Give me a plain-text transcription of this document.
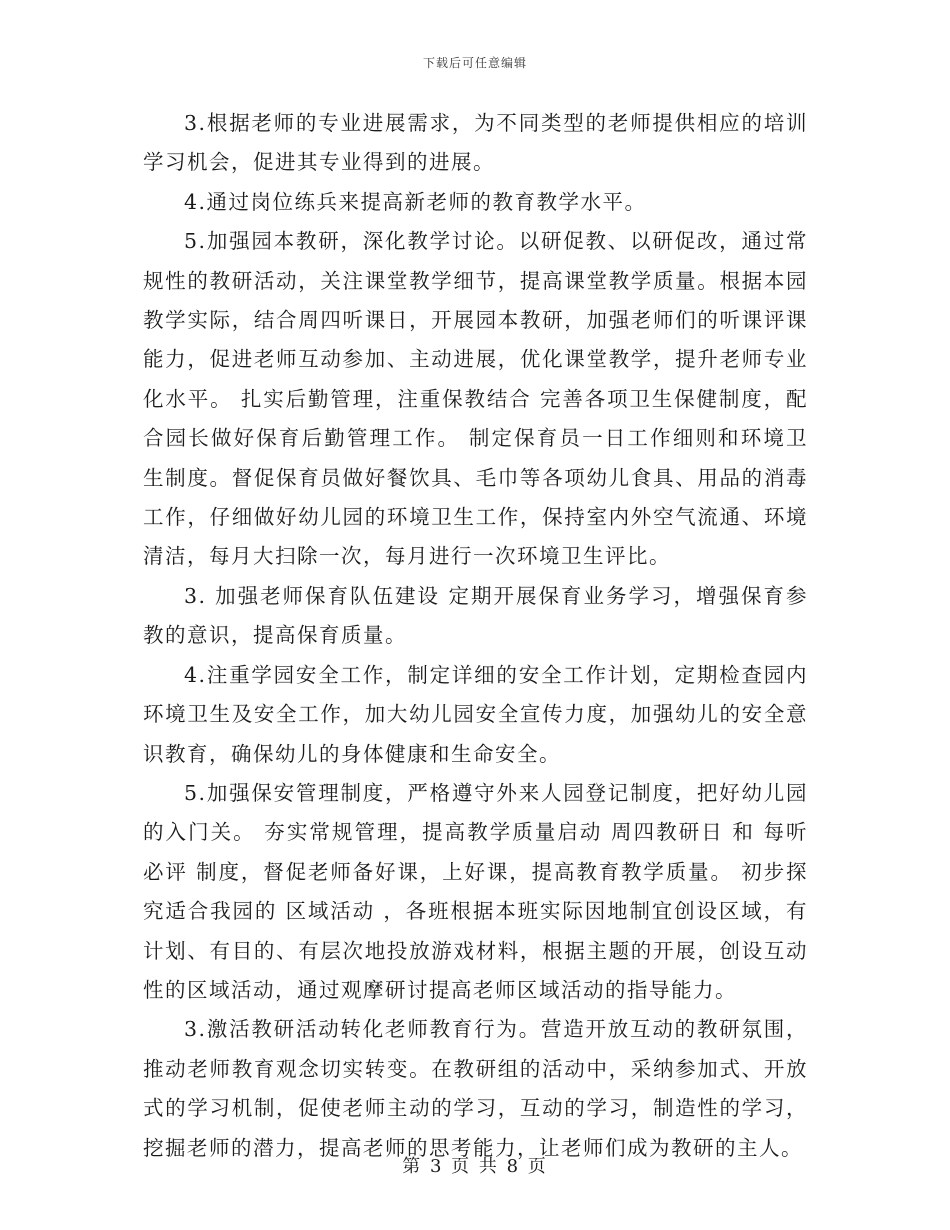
下载后可任意编辑

3.根据老师的专业进展需求，为不同类型的老师提供相应的培训学习机会，促进其专业得到的进展。

4.通过岗位练兵来提高新老师的教育教学水平。

5.加强园本教研，深化教学讨论。以研促教、以研促改，通过常规性的教研活动，关注课堂教学细节，提高课堂教学质量。根据本园教学实际，结合周四听课日，开展园本教研，加强老师们的听课评课能力，促进老师互动参加、主动进展，优化课堂教学，提升老师专业化水平。 扎实后勤管理，注重保教结合 完善各项卫生保健制度，配合园长做好保育后勤管理工作。 制定保育员一日工作细则和环境卫生制度。督促保育员做好餐饮具、毛巾等各项幼儿食具、用品的消毒工作，仔细做好幼儿园的环境卫生工作，保持室内外空气流通、环境清洁，每月大扫除一次，每月进行一次环境卫生评比。

3. 加强老师保育队伍建设 定期开展保育业务学习，增强保育参教的意识，提高保育质量。

4.注重学园安全工作，制定详细的安全工作计划，定期检查园内环境卫生及安全工作，加大幼儿园安全宣传力度，加强幼儿的安全意识教育，确保幼儿的身体健康和生命安全。

5.加强保安管理制度，严格遵守外来人园登记制度，把好幼儿园的入门关。 夯实常规管理，提高教学质量启动 周四教研日 和 每听必评 制度，督促老师备好课，上好课，提高教育教学质量。 初步探究适合我园的 区域活动 ，各班根据本班实际因地制宜创设区域，有计划、有目的、有层次地投放游戏材料，根据主题的开展，创设互动性的区域活动，通过观摩研讨提高老师区域活动的指导能力。

3.激活教研活动转化老师教育行为。营造开放互动的教研氛围，推动老师教育观念切实转变。在教研组的活动中，采纳参加式、开放式的学习机制，促使老师主动的学习，互动的学习，制造性的学习，挖掘老师的潜力，提高老师的思考能力，让老师们成为教研的主人。

第 3 页 共 8 页
